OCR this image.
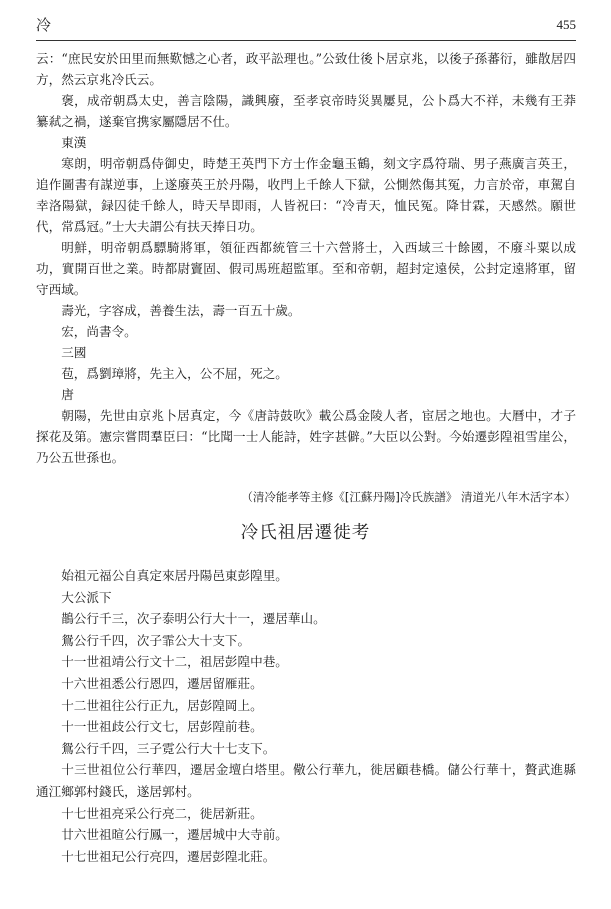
冷	455

云：“庶民安於田里而無歎憾之心者，政平訟理也。”公致仕後卜居京兆，以後子孫蕃衍，雖散居四方，然云京兆冷氏云。

褒，成帝朝爲太史，善言陰陽，識興廢，至孝哀帝時災異屢見，公卜爲大不祥，未幾有王莽纂弒之禍，遂棄官携家屬隱居不仕。

東漢

寒朗，明帝朝爲侍御史，時楚王英門下方士作金龜玉鶴，刻文字爲符瑞、男子燕廣言英王，追作圖書有謀逆事，上遂廢英王於丹陽，收門上千餘人下獄，公惻然傷其冤，力言於帝，車駕自幸洛陽獄，録囚徒千餘人，時天旱即雨，人皆祝曰：“冷青天，恤民冤。降甘霖，天感然。願世代，常爲冠。”士大夫謂公有扶天捧日功。

明鮮，明帝朝爲驃騎將軍，領征西都統管三十六營將士，入西域三十餘國，不廢斗粟以成功，實開百世之業。時都尉竇固、假司馬班超監軍。至和帝朝，超封定遠侯，公封定遠將軍，留守西域。

壽光，字容成，善養生法，壽一百五十歲。

宏，尚書令。

三國

苞，爲劉璋將，先主入，公不屈，死之。

唐

朝陽，先世由京兆卜居真定，今《唐詩鼓吹》載公爲金陵人者，宦居之地也。大曆中，才子探花及第。憲宗嘗問羣臣曰：“比聞一士人能詩，姓字甚僻。”大臣以公對。今始遷彭隍祖雪崖公，乃公五世孫也。

（清冷能孝等主修《[江蘇丹陽]冷氏族譜》 清道光八年木活字本）
冷氏祖居遷徙考

始祖元福公自真定來居丹陽邑東彭隍里。

大公派下

鵲公行千三，次子泰明公行大十一，遷居華山。

鴛公行千四，次子霏公大十支下。

十一世祖靖公行文十二，祖居彭隍中巷。

十六世祖悉公行恩四，遷居留雁莊。

十二世祖往公行正九，居彭隍岡上。

十一世祖歧公行文七，居彭隍前巷。

鴛公行千四，三子霓公行大十七支下。

十三世祖位公行華四，遷居金壇白塔里。儆公行華九，徙居顧巷橋。儲公行華十，贅武進縣通江鄉郭村錢氏，遂居郭村。

十七世祖亮采公行亮二，徙居新莊。

廿六世祖暄公行鳳一，遷居城中大寺前。

十七世祖玘公行亮四，遷居彭隍北莊。
